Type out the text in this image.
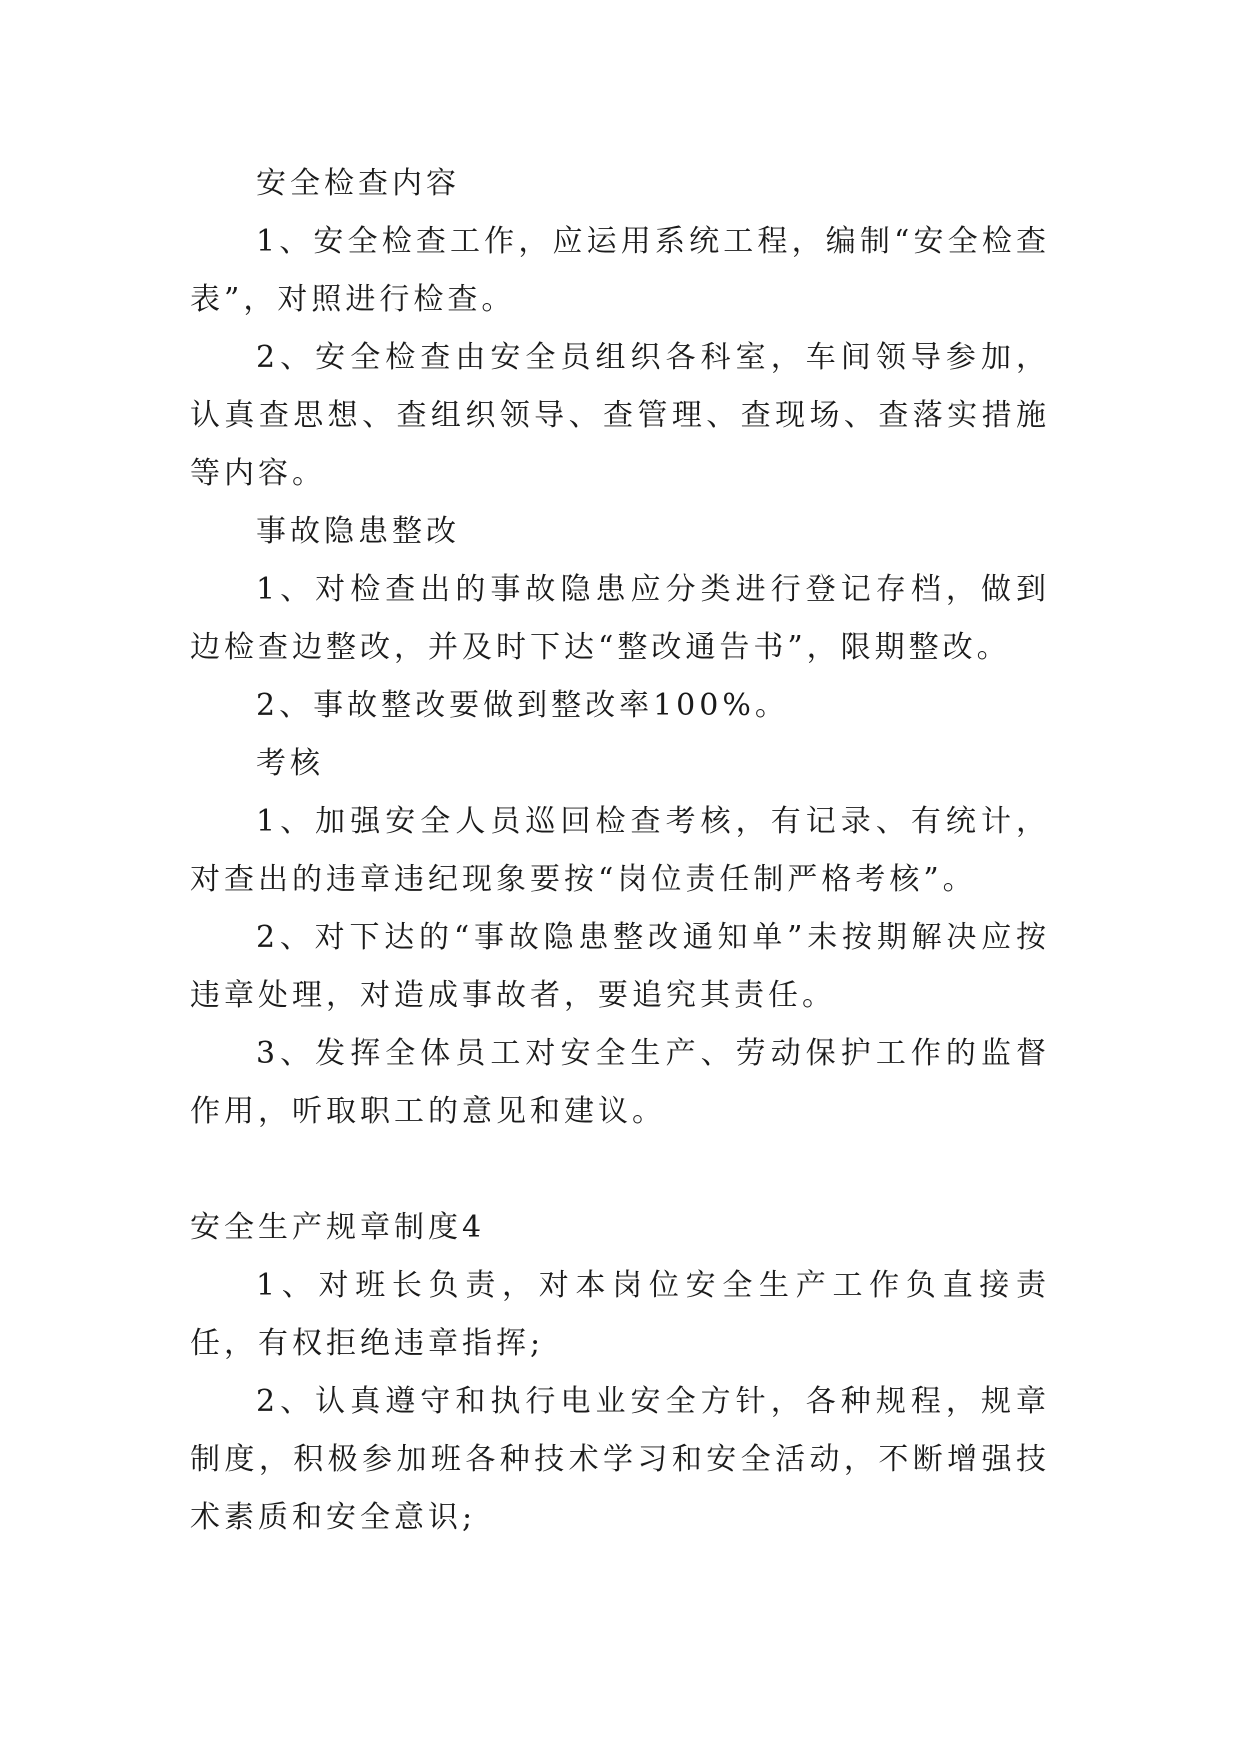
安全检查内容

1、安全检查工作，应运用系统工程，编制“安全检查表”，对照进行检查。

2、安全检查由安全员组织各科室，车间领导参加，认真查思想、查组织领导、查管理、查现场、查落实措施等内容。

事故隐患整改

1、对检查出的事故隐患应分类进行登记存档，做到边检查边整改，并及时下达“整改通告书”，限期整改。

2、事故整改要做到整改率100%。

考核

1、加强安全人员巡回检查考核，有记录、有统计，对查出的违章违纪现象要按“岗位责任制严格考核”。

2、对下达的“事故隐患整改通知单”未按期解决应按违章处理，对造成事故者，要追究其责任。

3、发挥全体员工对安全生产、劳动保护工作的监督作用，听取职工的意见和建议。

安全生产规章制度4

1、对班长负责，对本岗位安全生产工作负直接责任，有权拒绝违章指挥;

2、认真遵守和执行电业安全方针，各种规程，规章制度，积极参加班各种技术学习和安全活动，不断增强技术素质和安全意识;
